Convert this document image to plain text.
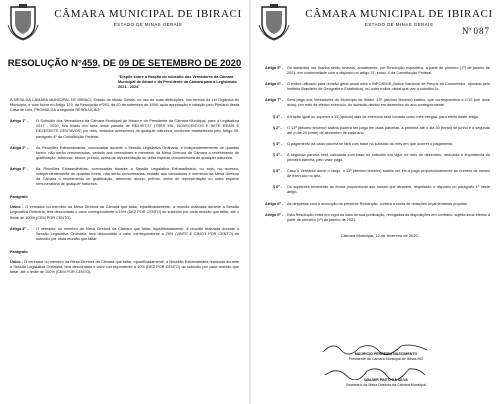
CÂMARA MUNICIPAL DE IBIRACI
ESTADO DE MINAS GERAIS
RESOLUÇÃO N°459, DE 09 DE SETEMBRO DE 2020
"Dispõe sobre a fixação do subsídio dos Vereadores da Câmara Municipal de Ibiraci e do Presidente da Câmara para a Legislatura 2021 - 2024"
A MESA DA CÂMARA MUNICIPAL DE IBIRACI, Estado de Minas Gerais, no uso de suas atribuições, nos termos da Lei Orgânica do Município, e com fulcro no Artigo 179, da Resolução nº291, de 20 de setembro de 1996, após apreciação e votação pelo Plenário desta Casa de Leis, PROMULGA a seguinte RESOLUÇÃO:
Artigo 1º -	O Subsídio dos Vereadores da Câmara Municipal de Ibiraci e do Presidente da Câmara Municipal, para a Legislatura 2017 - 2020, fica fixado em uma única parcela de R$3.907,17 (TRÊS MIL, NOVECENTOS E SETE REAIS E DEZESSETE CENTAVOS) por mês, vedados acréscimos de qualquer natureza, conforme estabelecido pelo Artigo 39, parágrafo 4º da Constituição Federal.
Artigo 2º -	As Reuniões Extraordinárias, convocadas durante a Sessão Legislativa Ordinária, e independentemente de quantas forem, não serão remuneradas, vedado aos vereadores e membros da Mesa Diretora da Câmara o recebimento de gratificação, adicional, abono, prêmio, verba de representação ou outra espécie remuneratória de qualquer natureza.
Artigo 3º -	As Reuniões Extraordinárias, convocadas durante a Sessão Legislativa Extraordinária, ou seja, no recesso, independentemente de quantas forem, não serão remuneradas, vedado aos vereadores e membros da Mesa Diretora da Câmara o recebimento de gratificação, adicional, abono, prêmio, verba de representação ou outra espécie remuneratória de qualquer natureza.
Parágrafo
Único - O vereador ou membro da Mesa Diretora da Câmara que faltar, injustificadamente, à reunião realizada durante a Sessão Legislativa Ordinária, terá descontado o valor correspondente a 10% (DEZ POR CENTO) do subsídio por cada reunião que faltar, até o limite de 100% (CEM POR CENTO).
Artigo 4º -	O vereador ou membro da Mesa Diretora da Câmara que faltar, injustificadamente, à reunião realizada durante a Sessão Legislativa Ordinária, terá descontado o valor correspondente a 25% (VINTE E CINCO POR CENTO) do subsídio por cada reunião que faltar.
Parágrafo
Único - O vereador ou membro da Mesa Diretora da Câmara que faltar, injustificadamente, à Reunião Extraordinária realizada durante a Sessão Legislativa Ordinária, terá descontado o valor correspondente a 10% (DEZ POR CENTO) do subsídio por cada reunião que faltar, até o limite de 100% (CEM POR CENTO).
CÂMARA MUNICIPAL DE IBIRACI
ESTADO DE MINAS GERAIS
Nº 087
Artigo 5º -	Os subsídios ora fixados serão revistos, anualmente, por Resolução específica, a partir de primeiro (1º) de janeiro de 2021, em conformidade com o disposto no artigo 37, inciso X da Constituição Federal.
Artigo 6º -	O índice utilizado para revisão geral anual será o INPC/IBGE (Índice Nacional de Preços ao Consumidor, apurado pelo Instituto Brasileiro de Geografia e Estatística), ou outro índice oficial que vier a substituí-lo.
Artigo 7º -	Será pago aos Vereadores do Município de Ibiraci, 13º (décimo terceiro) salário, que corresponderá a 1/12 (um doze avos), por mês de efetivo exercício, do subsídio devido em dezembro do ano correspondente.
§ 1º -	A fração igual ou superior a 15 (quinze) dias de exercício será tomada como mês integral, para efeito deste artigo.
§ 2º -	O 13º (décimo terceiro) salário poderá ser pago em duas parcelas, a primeira até o dia 30 (trinta) de junho e a segunda até o dia 20 (vinte) de dezembro de cada ano.
§ 3º -	O pagamento da cada parcela se fará com base no subsídio do mês em que ocorrer o pagamento.
§ 4º -	A segunda parcela será calculada com base no subsídio em vigor no mês de dezembro, deduzida a importância da primeira parcela, pelo valor pago.
§ 5º -	Caso o Vereador deixe o cargo, o 13º (décimo terceiro) salário ser-lhe-á pago proporcionalmente ao número de meses de exercício no ano.
§ 6º -	Os suplentes receberão de forma proporcional aos meses que atuarem, respeitado o disposto no parágrafo 1º deste artigo.
Artigo 8º -	As despesas com a execução da presente Resolução, correrá à conta de dotações orçamentárias próprias.
Artigo 9º -	Esta Resolução entra em vigor na data de sua publicação, revogadas as disposições em contrário, sujeita seus efeitos a partir de primeiro (1º) de janeiro de 2021.
Câmara Municipal, 12 de fevereiro de 2020.
MAURICIO FERREIRA NASCIMENTO
Presidente da Câmara Municipal de Ibiraci-MG
WALMIR PINTO DA SILVA
Secretário da Mesa Diretora da Câmara Municipal
